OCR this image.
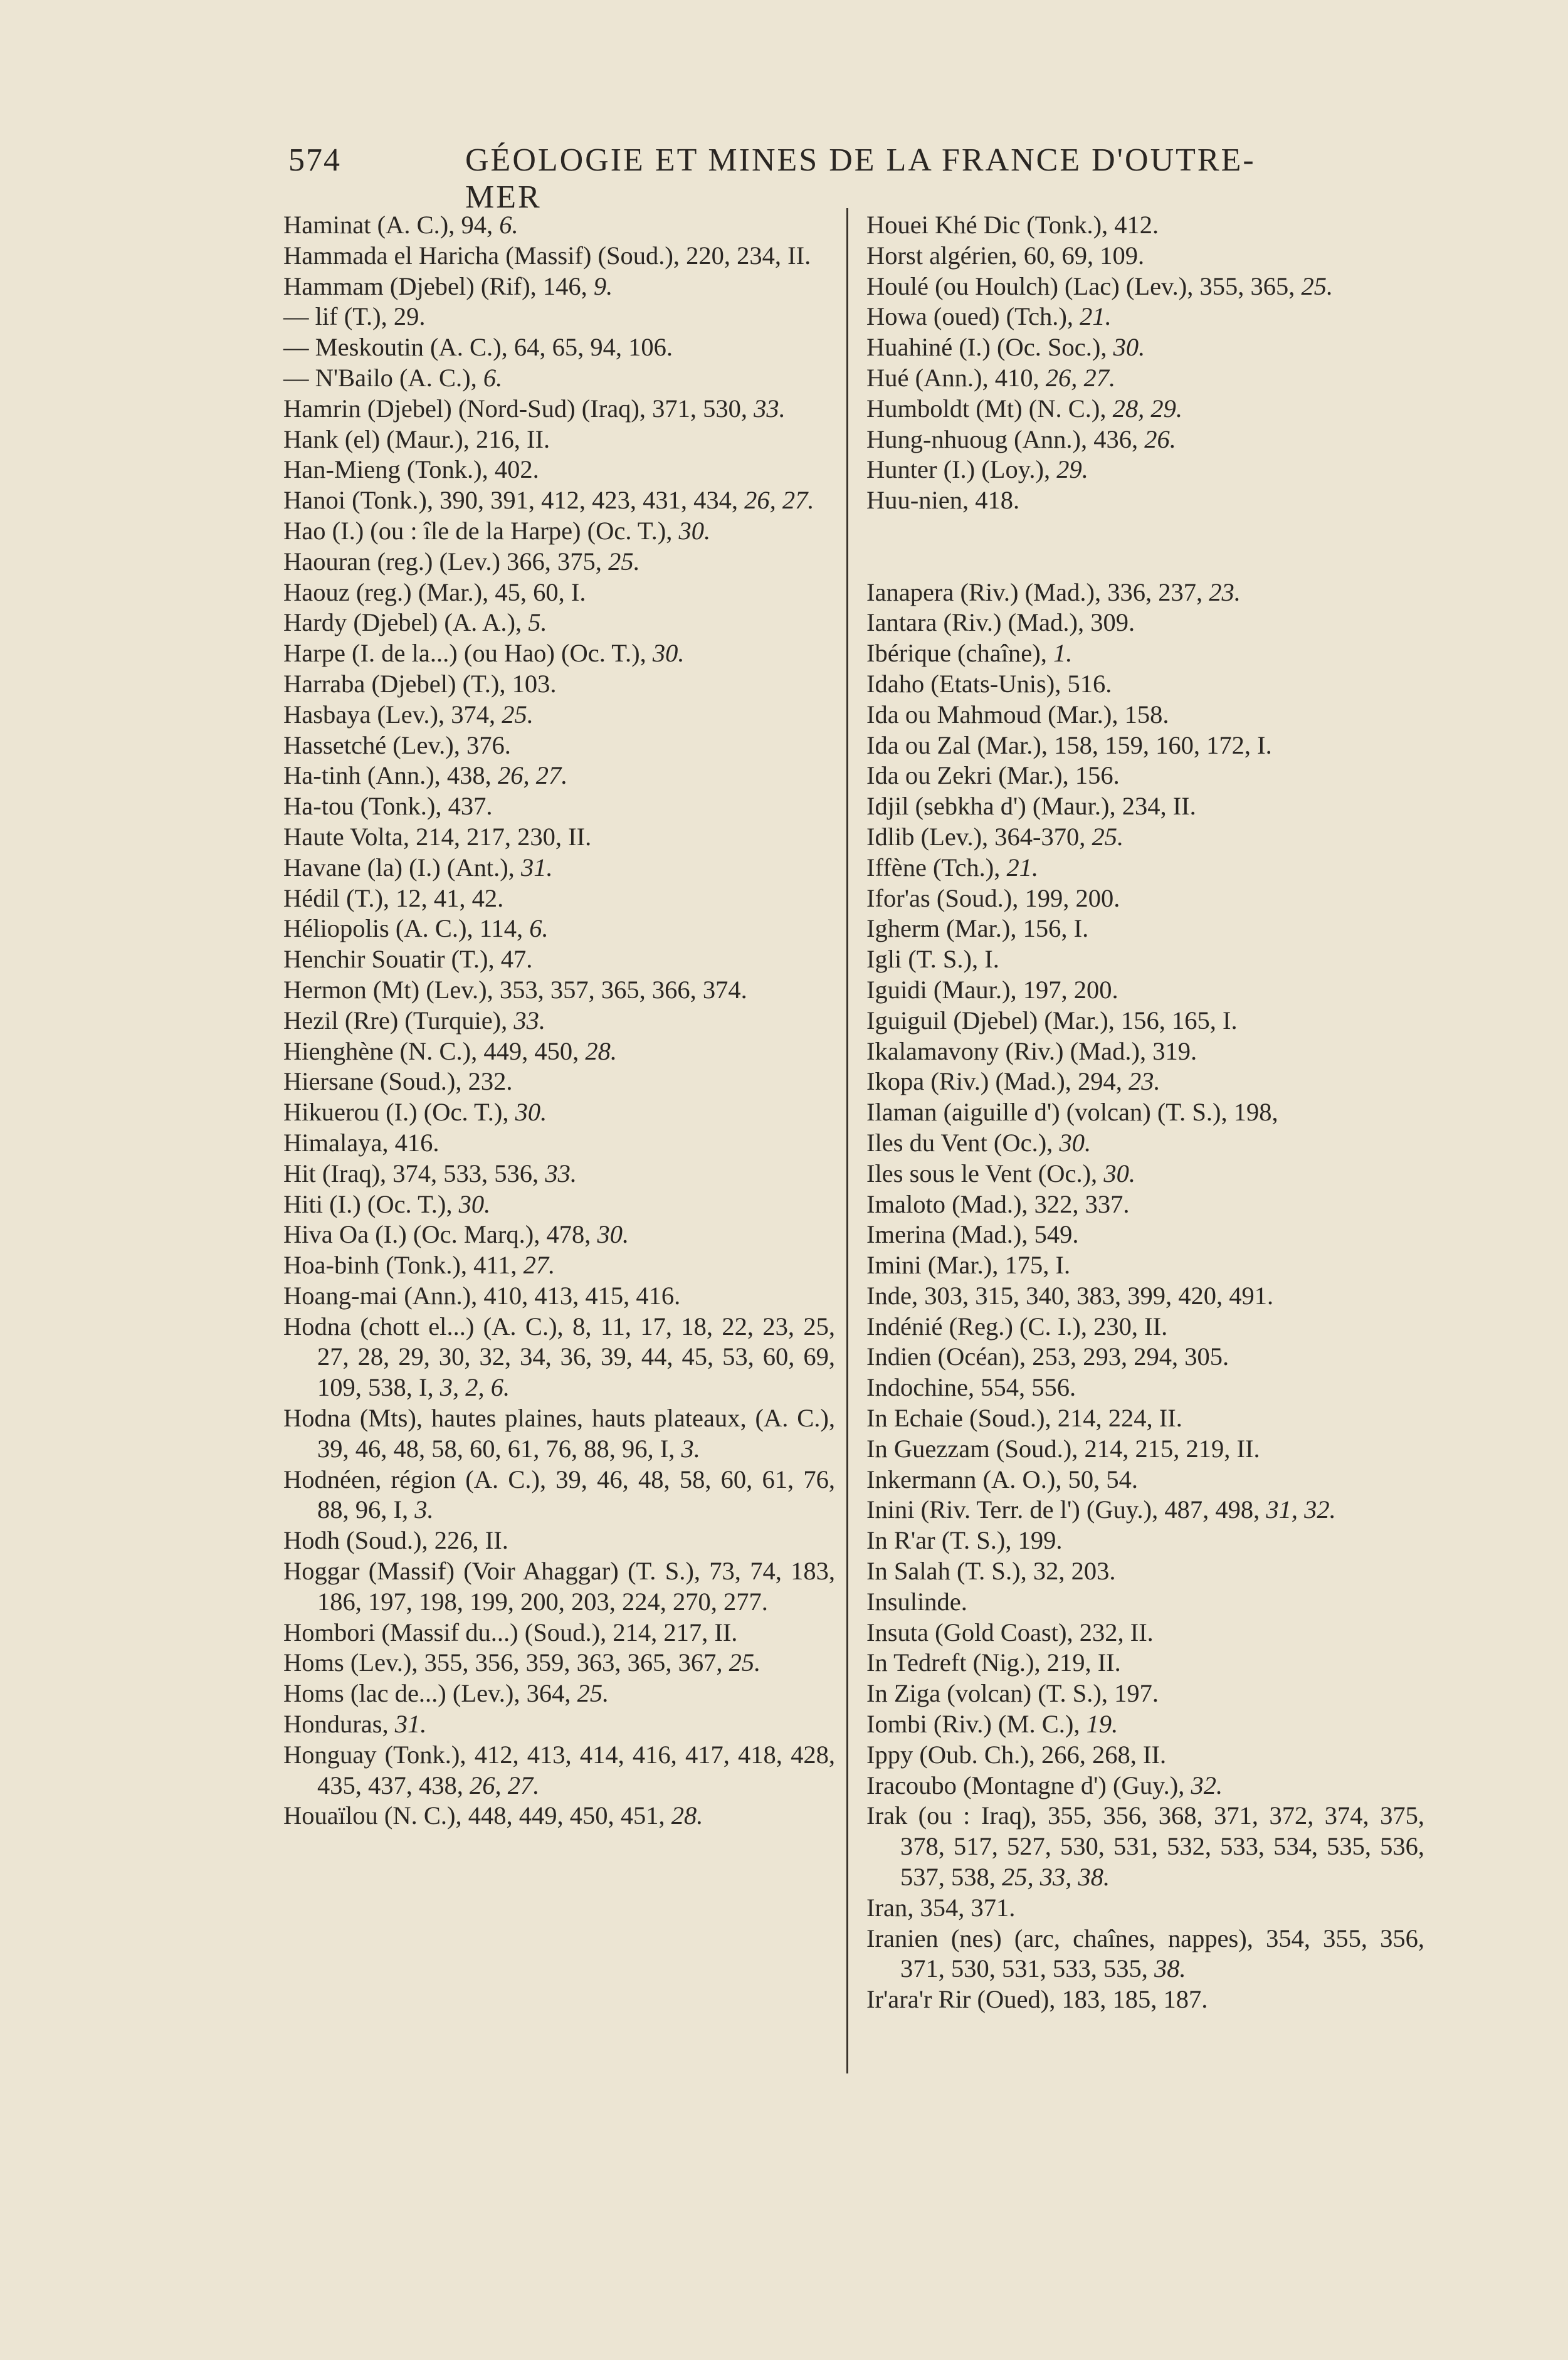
574	GÉOLOGIE ET MINES DE LA FRANCE D'OUTRE-MER

Haminat (A. C.), 94, 6.

Hammada el Haricha (Massif) (Soud.), 220, 234, II.

Hammam (Djebel) (Rif), 146, 9.

— lif (T.), 29.

— Meskoutin (A. C.), 64, 65, 94, 106.

— N'Bailo (A. C.), 6.

Hamrin (Djebel) (Nord-Sud) (Iraq), 371, 530, 33.

Hank (el) (Maur.), 216, II.

Han-Mieng (Tonk.), 402.

Hanoi (Tonk.), 390, 391, 412, 423, 431, 434, 26, 27.

Hao (I.) (ou : île de la Harpe) (Oc. T.), 30.

Haouran (reg.) (Lev.) 366, 375, 25.

Haouz (reg.) (Mar.), 45, 60, I.

Hardy (Djebel) (A. A.), 5.

Harpe (I. de la...) (ou Hao) (Oc. T.), 30.

Harraba (Djebel) (T.), 103.

Hasbaya (Lev.), 374, 25.

Hassetché (Lev.), 376.

Ha-tinh (Ann.), 438, 26, 27.

Ha-tou (Tonk.), 437.

Haute Volta, 214, 217, 230, II.

Havane (la) (I.) (Ant.), 31.

Hédil (T.), 12, 41, 42.

Héliopolis (A. C.), 114, 6.

Henchir Souatir (T.), 47.

Hermon (Mt) (Lev.), 353, 357, 365, 366, 374.

Hezil (Rre) (Turquie), 33.

Hienghène (N. C.), 449, 450, 28.

Hiersane (Soud.), 232.

Hikuerou (I.) (Oc. T.), 30.

Himalaya, 416.

Hit (Iraq), 374, 533, 536, 33.

Hiti (I.) (Oc. T.), 30.

Hiva Oa (I.) (Oc. Marq.), 478, 30.

Hoa-binh (Tonk.), 411, 27.

Hoang-mai (Ann.), 410, 413, 415, 416.

Hodna (chott el...) (A. C.), 8, 11, 17, 18, 22, 23, 25, 27, 28, 29, 30, 32, 34, 36, 39, 44, 45, 53, 60, 69, 109, 538, I, 3, 2, 6.

Hodna (Mts), hautes plaines, hauts plateaux, (A. C.), 39, 46, 48, 58, 60, 61, 76, 88, 96, I, 3.

Hodnéen, région (A. C.), 39, 46, 48, 58, 60, 61, 76, 88, 96, I, 3.

Hodh (Soud.), 226, II.

Hoggar (Massif) (Voir Ahaggar) (T. S.), 73, 74, 183, 186, 197, 198, 199, 200, 203, 224, 270, 277.

Hombori (Massif du...) (Soud.), 214, 217, II.

Homs (Lev.), 355, 356, 359, 363, 365, 367, 25.

Homs (lac de...) (Lev.), 364, 25.

Honduras, 31.

Honguay (Tonk.), 412, 413, 414, 416, 417, 418, 428, 435, 437, 438, 26, 27.

Houaïlou (N. C.), 448, 449, 450, 451, 28.

Houei Khé Dic (Tonk.), 412.

Horst algérien, 60, 69, 109.

Houlé (ou Houlch) (Lac) (Lev.), 355, 365, 25.

Howa (oued) (Tch.), 21.

Huahiné (I.) (Oc. Soc.), 30.

Hué (Ann.), 410, 26, 27.

Humboldt (Mt) (N. C.), 28, 29.

Hung-nhuoug (Ann.), 436, 26.

Hunter (I.) (Loy.), 29.

Huu-nien, 418.

Ianapera (Riv.) (Mad.), 336, 237, 23.

Iantara (Riv.) (Mad.), 309.

Ibérique (chaîne), 1.

Idaho (Etats-Unis), 516.

Ida ou Mahmoud (Mar.), 158.

Ida ou Zal (Mar.), 158, 159, 160, 172, I.

Ida ou Zekri (Mar.), 156.

Idjil (sebkha d') (Maur.), 234, II.

Idlib (Lev.), 364-370, 25.

Iffène (Tch.), 21.

Ifor'as (Soud.), 199, 200.

Igherm (Mar.), 156, I.

Igli (T. S.), I.

Iguidi (Maur.), 197, 200.

Iguiguil (Djebel) (Mar.), 156, 165, I.

Ikalamavony (Riv.) (Mad.), 319.

Ikopa (Riv.) (Mad.), 294, 23.

Ilaman (aiguille d') (volcan) (T. S.), 198,

Iles du Vent (Oc.), 30.

Iles sous le Vent (Oc.), 30.

Imaloto (Mad.), 322, 337.

Imerina (Mad.), 549.

Imini (Mar.), 175, I.

Inde, 303, 315, 340, 383, 399, 420, 491.

Indénié (Reg.) (C. I.), 230, II.

Indien (Océan), 253, 293, 294, 305.

Indochine, 554, 556.

In Echaie (Soud.), 214, 224, II.

In Guezzam (Soud.), 214, 215, 219, II.

Inkermann (A. O.), 50, 54.

Inini (Riv. Terr. de l') (Guy.), 487, 498, 31, 32.

In R'ar (T. S.), 199.

In Salah (T. S.), 32, 203.

Insulinde.

Insuta (Gold Coast), 232, II.

In Tedreft (Nig.), 219, II.

In Ziga (volcan) (T. S.), 197.

Iombi (Riv.) (M. C.), 19.

Ippy (Oub. Ch.), 266, 268, II.

Iracoubo (Montagne d') (Guy.), 32.

Irak (ou : Iraq), 355, 356, 368, 371, 372, 374, 375, 378, 517, 527, 530, 531, 532, 533, 534, 535, 536, 537, 538, 25, 33, 38.

Iran, 354, 371.

Iranien (nes) (arc, chaînes, nappes), 354, 355, 356, 371, 530, 531, 533, 535, 38.

Ir'ara'r Rir (Oued), 183, 185, 187.
